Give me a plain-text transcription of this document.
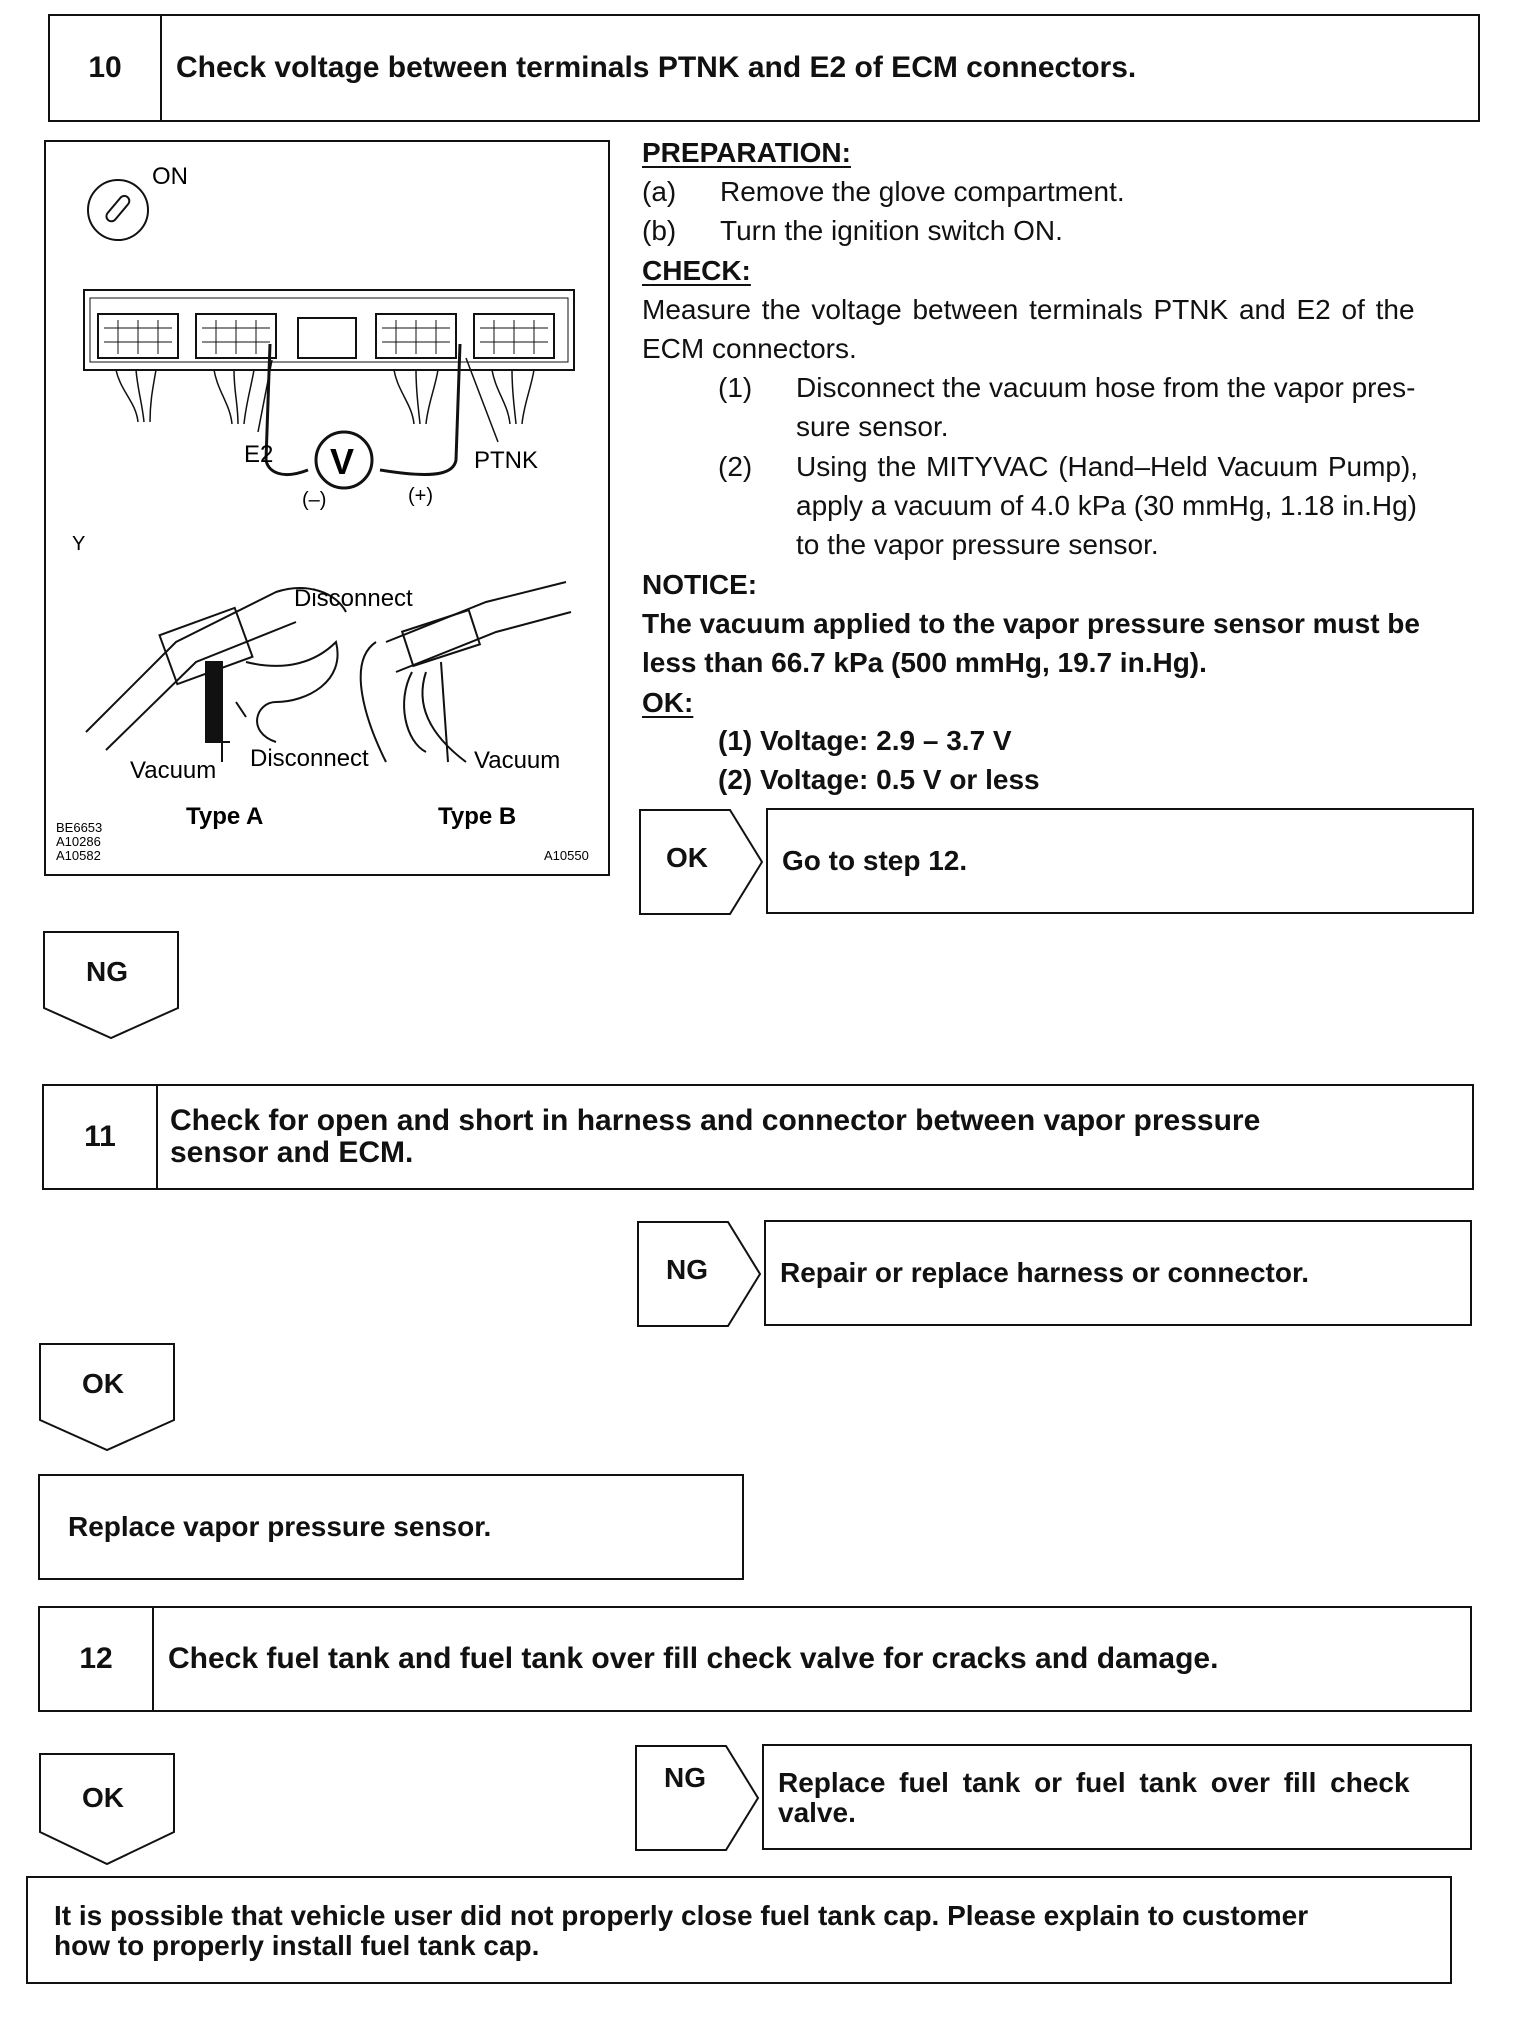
10	Check voltage between terminals PTNK and E2 of ECM connectors.
ON
V
(–)	(+)
E2	PTNK
Y
Disconnect
Disconnect
Vacuum
Type A
Vacuum
Type B
BE6653
A10286
A10582	A10550
PREPARATION:
(a) Remove the glove compartment.
(b) Turn the ignition switch ON.
CHECK:
Measure the voltage between terminals PTNK and E2 of the
ECM connectors.
(1) Disconnect the vacuum hose from the vapor pres-
sure sensor.
(2) Using the MITYVAC (Hand–Held Vacuum Pump),
apply a vacuum of 4.0 kPa (30 mmHg, 1.18 in.Hg)
to the vapor pressure sensor.
NOTICE:
The vacuum applied to the vapor pressure sensor must be
less than 66.7 kPa (500 mmHg, 19.7 in.Hg).
OK:
(1) Voltage: 2.9 – 3.7 V
(2) Voltage: 0.5 V or less
OK	Go to step 12.
NG
11	Check for open and short in harness and connector between vapor pressure
sensor and ECM.
NG	Repair or replace harness or connector.
OK
Replace vapor pressure sensor.
12	Check fuel tank and fuel tank over fill check valve for cracks and damage.
OK
NG	Replace fuel tank or fuel tank over fill check
valve.
It is possible that vehicle user did not properly close fuel tank cap. Please explain to customer
how to properly install fuel tank cap.
